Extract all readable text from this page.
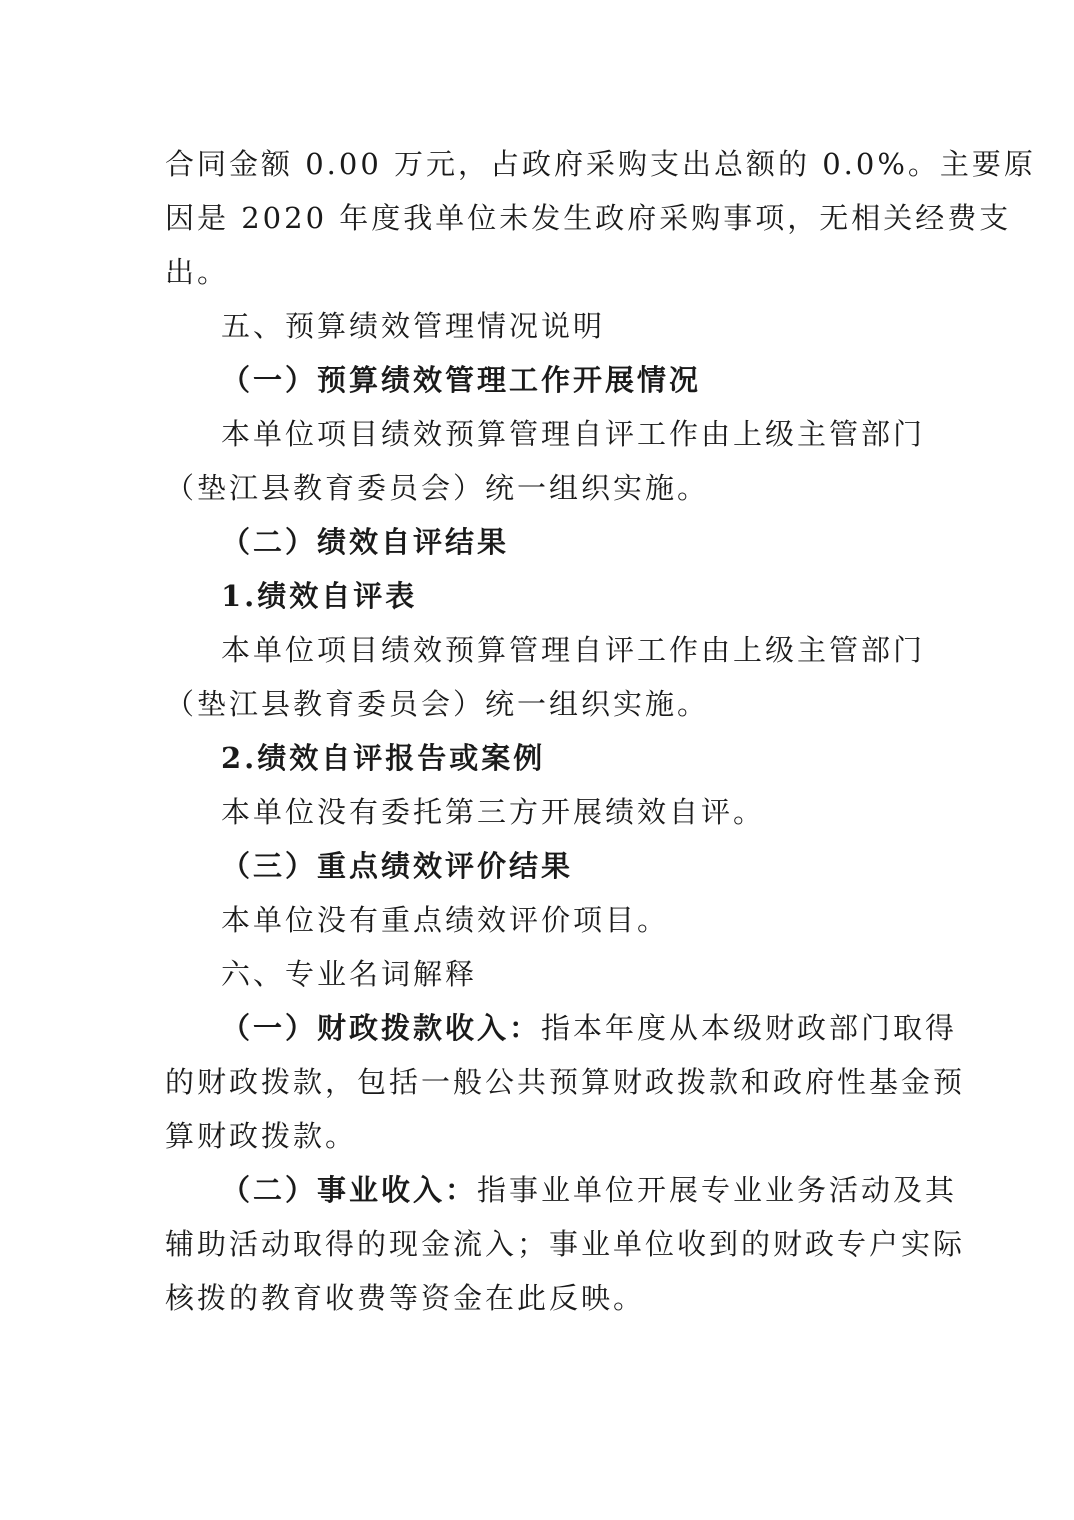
合同金额 0.00 万元，占政府采购支出总额的 0.0%。主要原
因是 2020 年度我单位未发生政府采购事项，无相关经费支
出。
五、预算绩效管理情况说明
（一）预算绩效管理工作开展情况
本单位项目绩效预算管理自评工作由上级主管部门
（垫江县教育委员会）统一组织实施。
（二）绩效自评结果
1.绩效自评表
本单位项目绩效预算管理自评工作由上级主管部门
（垫江县教育委员会）统一组织实施。
2.绩效自评报告或案例
本单位没有委托第三方开展绩效自评。
（三）重点绩效评价结果
本单位没有重点绩效评价项目。
六、专业名词解释
（一）财政拨款收入：指本年度从本级财政部门取得
的财政拨款，包括一般公共预算财政拨款和政府性基金预
算财政拨款。
（二）事业收入：指事业单位开展专业业务活动及其
辅助活动取得的现金流入；事业单位收到的财政专户实际
核拨的教育收费等资金在此反映。
